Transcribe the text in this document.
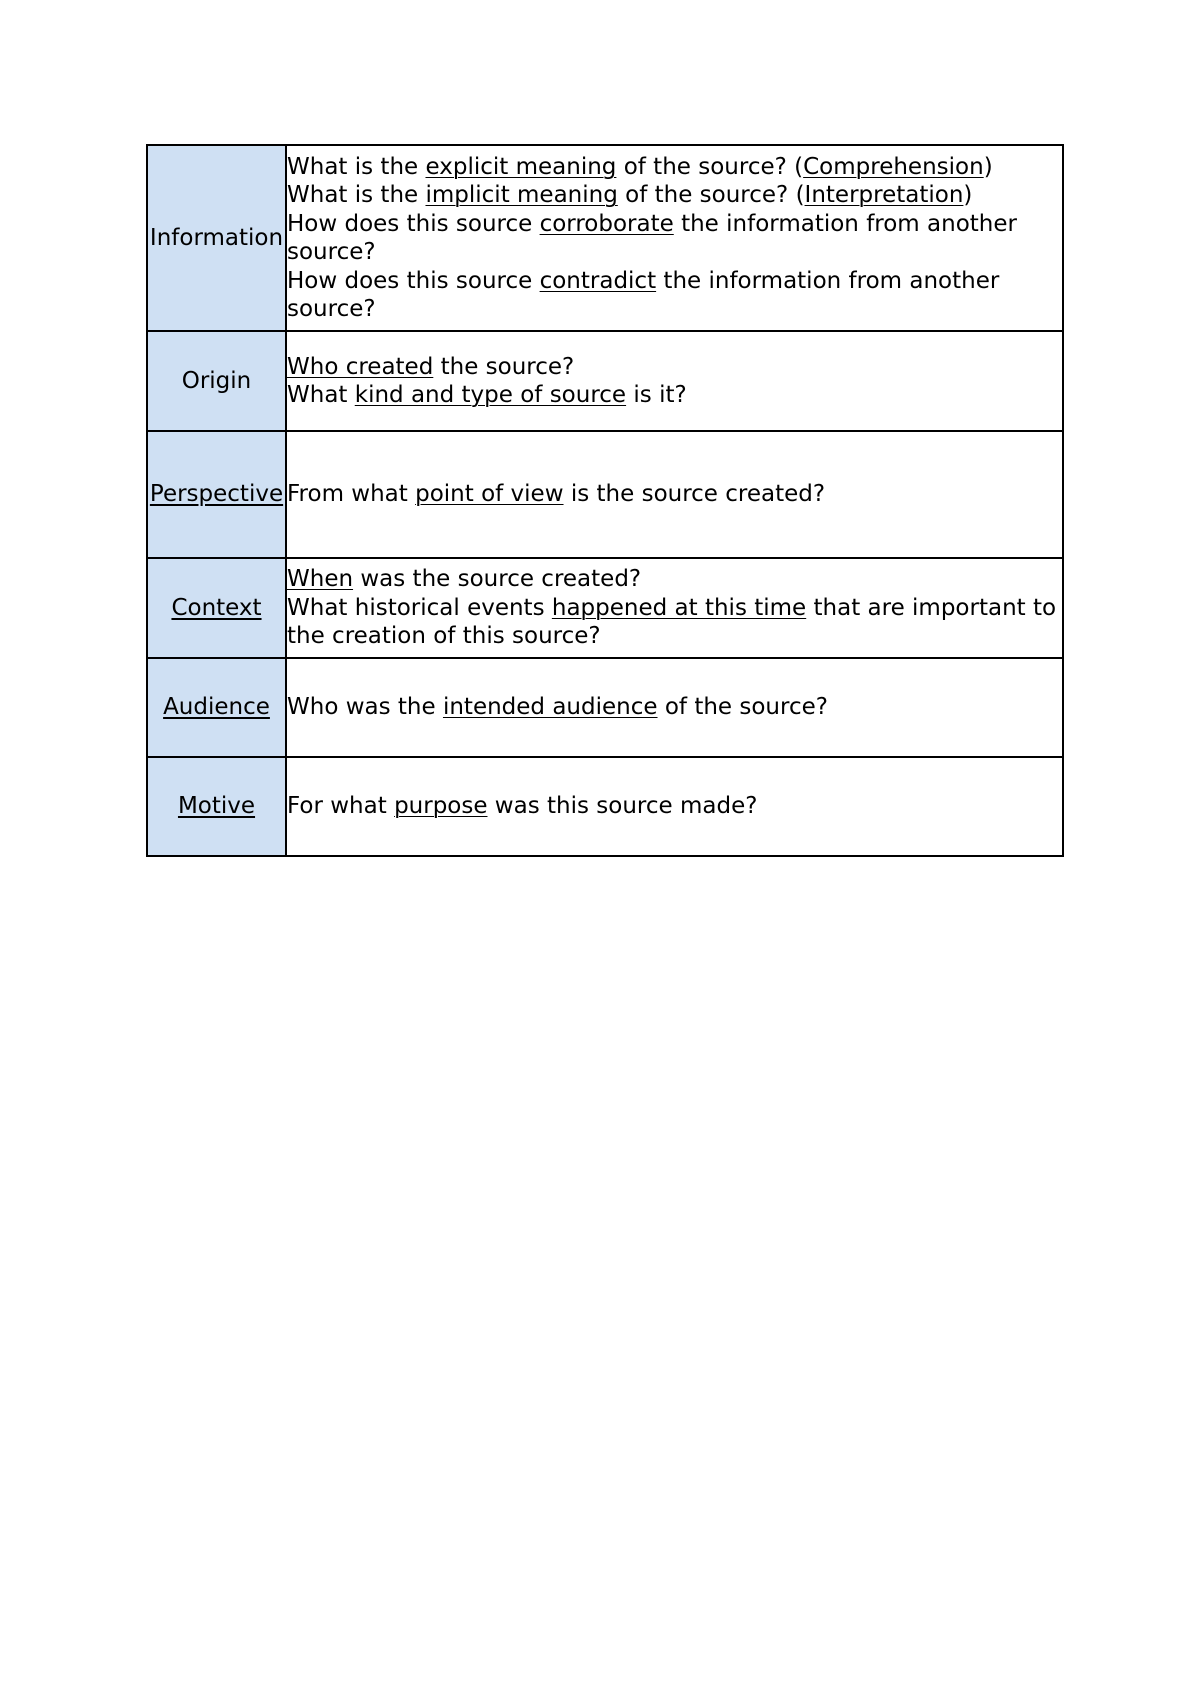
Information	What is the explicit meaning of the source? (Comprehension)
What is the implicit meaning of the source? (Interpretation)
How does this source corroborate the information from another source?
How does this source contradict the information from another source?

Origin	Who created the source?
What kind and type of source is it?

Perspective	From what point of view is the source created?

Context	When was the source created?
What historical events happened at this time that are important to the creation of this source?

Audience	Who was the intended audience of the source?

Motive	For what purpose was this source made?
